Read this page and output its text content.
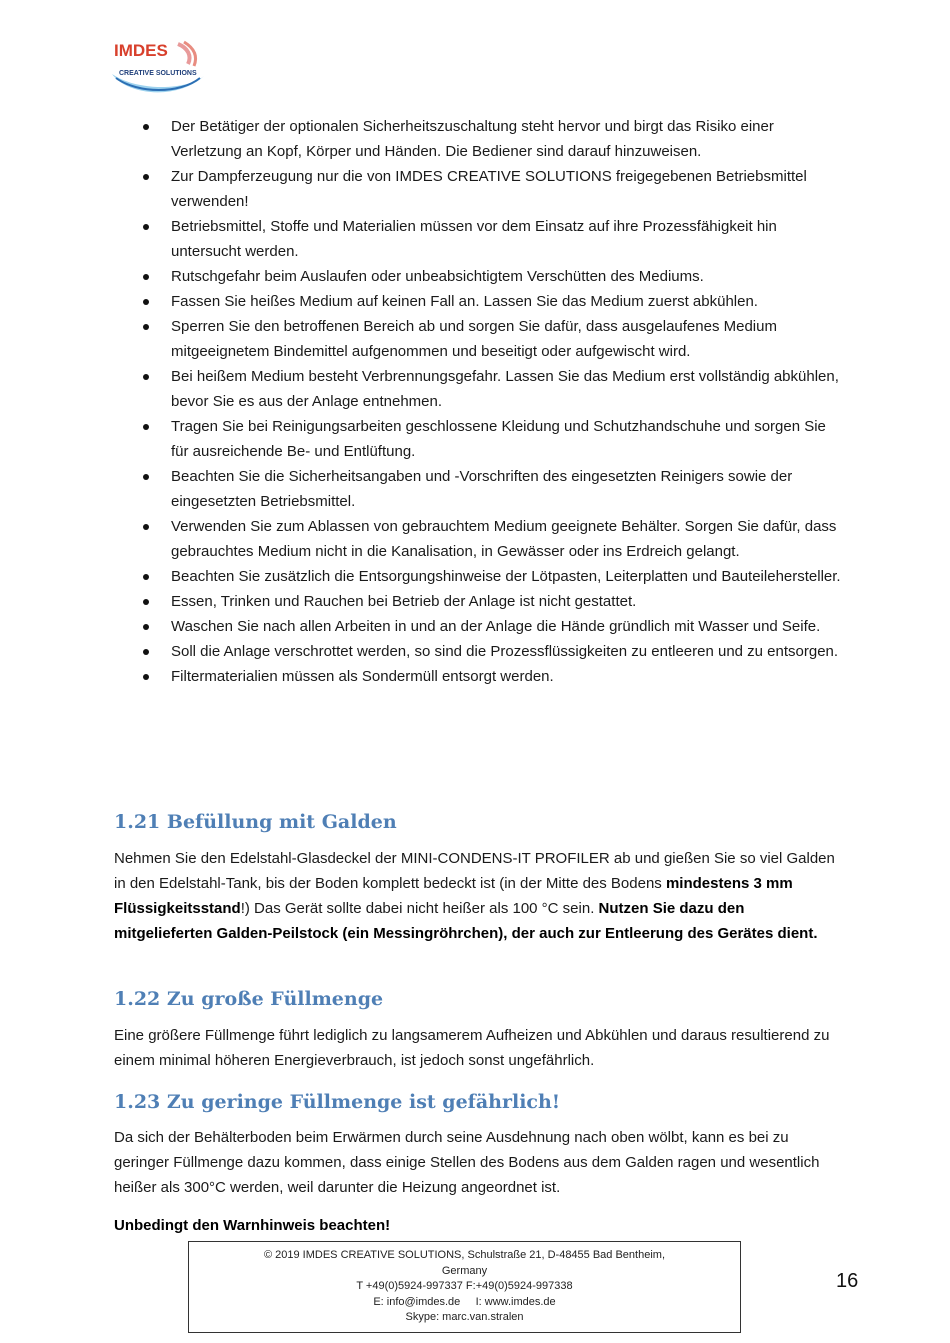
IMDES
CREATIVE SOLUTIONS
Der Betätiger der optionalen Sicherheitszuschaltung steht hervor und birgt das Risiko einer Verletzung an Kopf, Körper und Händen. Die Bediener sind darauf hinzuweisen.
Zur Dampferzeugung nur die von IMDES CREATIVE SOLUTIONS freigegebenen Betriebsmittel verwenden!
Betriebsmittel, Stoffe und Materialien müssen vor dem Einsatz auf ihre Prozessfähigkeit hin untersucht werden.
Rutschgefahr beim Auslaufen oder unbeabsichtigtem Verschütten des Mediums.
Fassen Sie heißes Medium auf keinen Fall an. Lassen Sie das Medium zuerst abkühlen.
Sperren Sie den betroffenen Bereich ab und sorgen Sie dafür, dass ausgelaufenes Medium mitgeeignetem Bindemittel aufgenommen und beseitigt oder aufgewischt wird.
Bei heißem Medium besteht Verbrennungsgefahr. Lassen Sie das Medium erst vollständig abkühlen, bevor Sie es aus der Anlage entnehmen.
Tragen Sie bei Reinigungsarbeiten geschlossene Kleidung und Schutzhandschuhe und sorgen Sie für ausreichende Be- und Entlüftung.
Beachten Sie die Sicherheitsangaben und -Vorschriften des eingesetzten Reinigers sowie der eingesetzten Betriebsmittel.
Verwenden Sie zum Ablassen von gebrauchtem Medium geeignete Behälter. Sorgen Sie dafür, dass gebrauchtes Medium nicht in die Kanalisation, in Gewässer oder ins Erdreich gelangt.
Beachten Sie zusätzlich die Entsorgungshinweise der Lötpasten, Leiterplatten und Bauteilehersteller.
Essen, Trinken und Rauchen bei Betrieb der Anlage ist nicht gestattet.
Waschen Sie nach allen Arbeiten in und an der Anlage die Hände gründlich mit Wasser und Seife.
Soll die Anlage verschrottet werden, so sind die Prozessflüssigkeiten zu entleeren und zu entsorgen.
Filtermaterialien müssen als Sondermüll entsorgt werden.
1.21 Befüllung mit Galden

Nehmen Sie den Edelstahl-Glasdeckel der MINI-CONDENS-IT PROFILER ab und gießen Sie so viel Galden in den Edelstahl-Tank, bis der Boden komplett bedeckt ist (in der Mitte des Bodens mindestens 3 mm Flüssigkeitsstand!) Das Gerät sollte dabei nicht heißer als 100 °C sein. Nutzen Sie dazu den mitgelieferten Galden-Peilstock (ein Messingröhrchen), der auch zur Entleerung des Gerätes dient.

1.22 Zu große Füllmenge

Eine größere Füllmenge führt lediglich zu langsamerem Aufheizen und Abkühlen und daraus resultierend zu einem minimal höheren Energieverbrauch, ist jedoch sonst ungefährlich.

1.23 Zu geringe Füllmenge ist gefährlich!

Da sich der Behälterboden beim Erwärmen durch seine Ausdehnung nach oben wölbt, kann es bei zu geringer Füllmenge dazu kommen, dass einige Stellen des Bodens aus dem Galden ragen und wesentlich heißer als 300°C werden, weil darunter die Heizung angeordnet ist.

Unbedingt den Warnhinweis beachten!

© 2019 IMDES CREATIVE SOLUTIONS, Schulstraße 21, D-48455 Bad Bentheim,
Germany
T +49(0)5924-997337 F:+49(0)5924-997338
E: info@imdes.de     I: www.imdes.de
Skype: marc.van.stralen
16
